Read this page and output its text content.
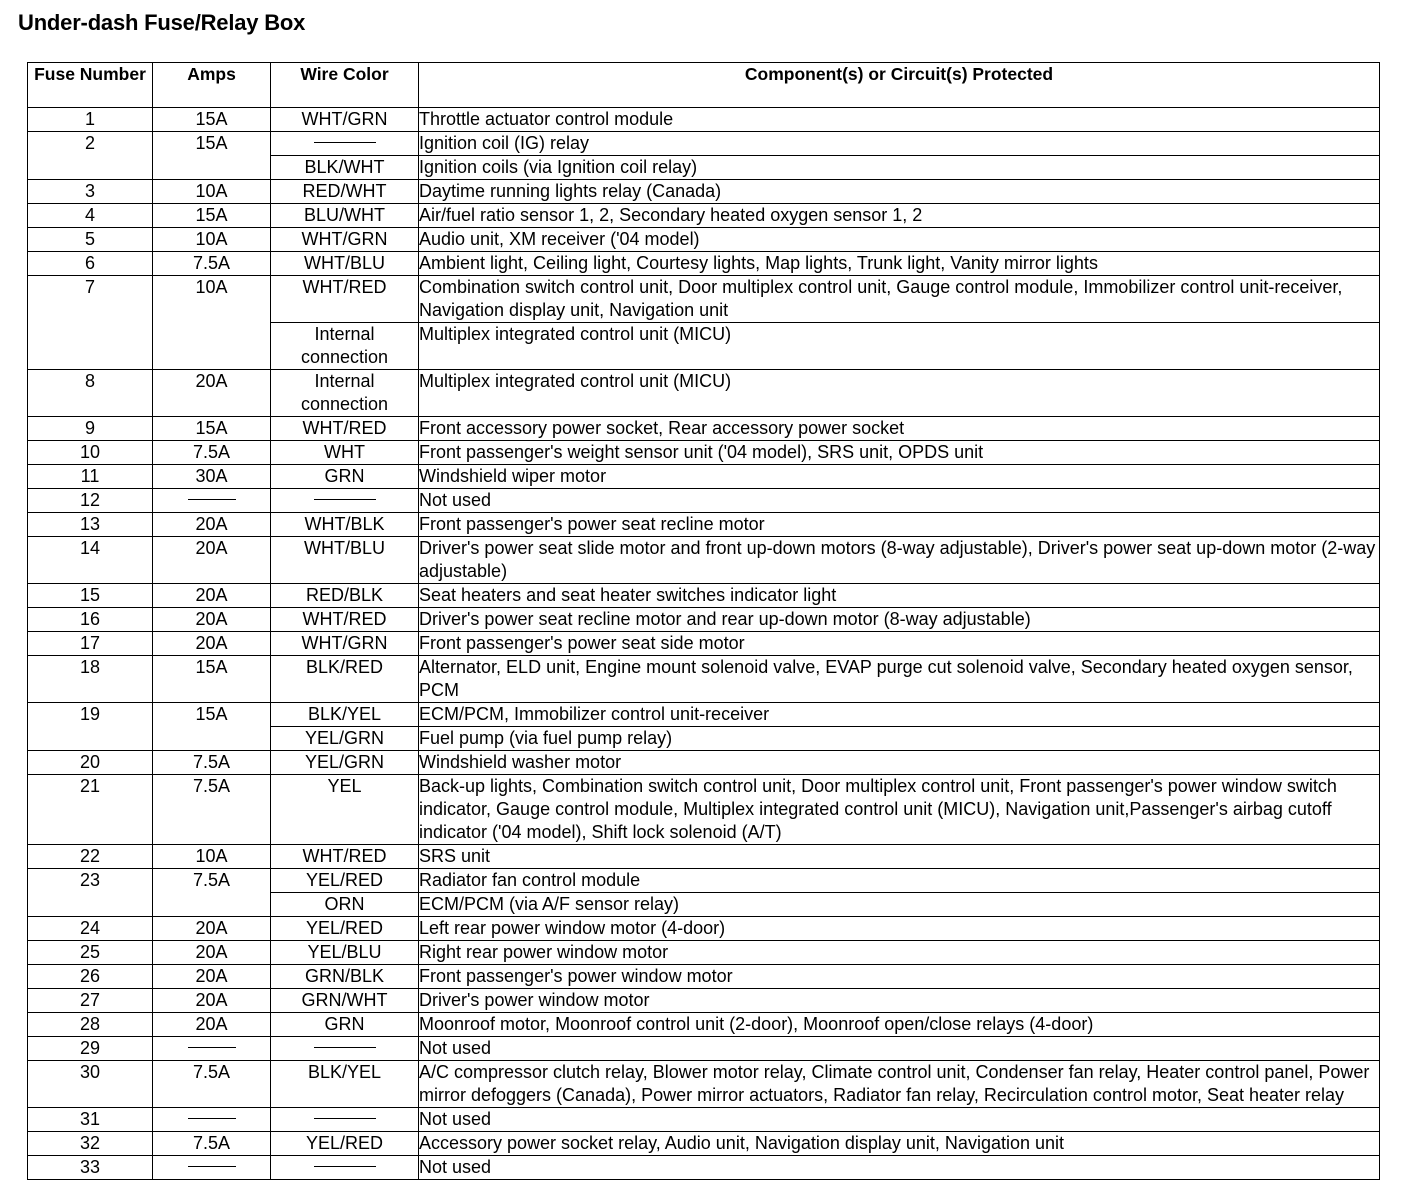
Under-dash Fuse/Relay Box
Fuse Number	Amps	Wire Color	Component(s) or Circuit(s) Protected
1	15A	WHT/GRN	Throttle actuator control module
2	15A		Ignition coil (IG) relay
		BLK/WHT	Ignition coils (via Ignition coil relay)
3	10A	RED/WHT	Daytime running lights relay (Canada)
4	15A	BLU/WHT	Air/fuel ratio sensor 1, 2, Secondary heated oxygen sensor 1, 2
5	10A	WHT/GRN	Audio unit, XM receiver ('04 model)
6	7.5A	WHT/BLU	Ambient light, Ceiling light, Courtesy lights, Map lights, Trunk light, Vanity mirror lights
7	10A	WHT/RED	Combination switch control unit, Door multiplex control unit, Gauge control module, Immobilizer control unit-receiver, Navigation display unit, Navigation unit
		Internal connection	Multiplex integrated control unit (MICU)
8	20A	Internal connection	Multiplex integrated control unit (MICU)
9	15A	WHT/RED	Front accessory power socket, Rear accessory power socket
10	7.5A	WHT	Front passenger's weight sensor unit ('04 model), SRS unit, OPDS unit
11	30A	GRN	Windshield wiper motor
12			Not used
13	20A	WHT/BLK	Front passenger's power seat recline motor
14	20A	WHT/BLU	Driver's power seat slide motor and front up-down motors (8-way adjustable), Driver's power seat up-down motor (2-way adjustable)
15	20A	RED/BLK	Seat heaters and seat heater switches indicator light
16	20A	WHT/RED	Driver's power seat recline motor and rear up-down motor (8-way adjustable)
17	20A	WHT/GRN	Front passenger's power seat side motor
18	15A	BLK/RED	Alternator, ELD unit, Engine mount solenoid valve, EVAP purge cut solenoid valve, Secondary heated oxygen sensor, PCM
19	15A	BLK/YEL	ECM/PCM, Immobilizer control unit-receiver
		YEL/GRN	Fuel pump (via fuel pump relay)
20	7.5A	YEL/GRN	Windshield washer motor
21	7.5A	YEL	Back-up lights, Combination switch control unit, Door multiplex control unit, Front passenger's power window switch indicator, Gauge control module, Multiplex integrated control unit (MICU), Navigation unit,Passenger's airbag cutoff indicator ('04 model), Shift lock solenoid (A/T)
22	10A	WHT/RED	SRS unit
23	7.5A	YEL/RED	Radiator fan control module
		ORN	ECM/PCM (via A/F sensor relay)
24	20A	YEL/RED	Left rear power window motor (4-door)
25	20A	YEL/BLU	Right rear power window motor
26	20A	GRN/BLK	Front passenger's power window motor
27	20A	GRN/WHT	Driver's power window motor
28	20A	GRN	Moonroof motor, Moonroof control unit (2-door), Moonroof open/close relays (4-door)
29			Not used
30	7.5A	BLK/YEL	A/C compressor clutch relay, Blower motor relay, Climate control unit, Condenser fan relay, Heater control panel, Power mirror defoggers (Canada), Power mirror actuators, Radiator fan relay, Recirculation control motor, Seat heater relay
31			Not used
32	7.5A	YEL/RED	Accessory power socket relay, Audio unit, Navigation display unit, Navigation unit
33			Not used
